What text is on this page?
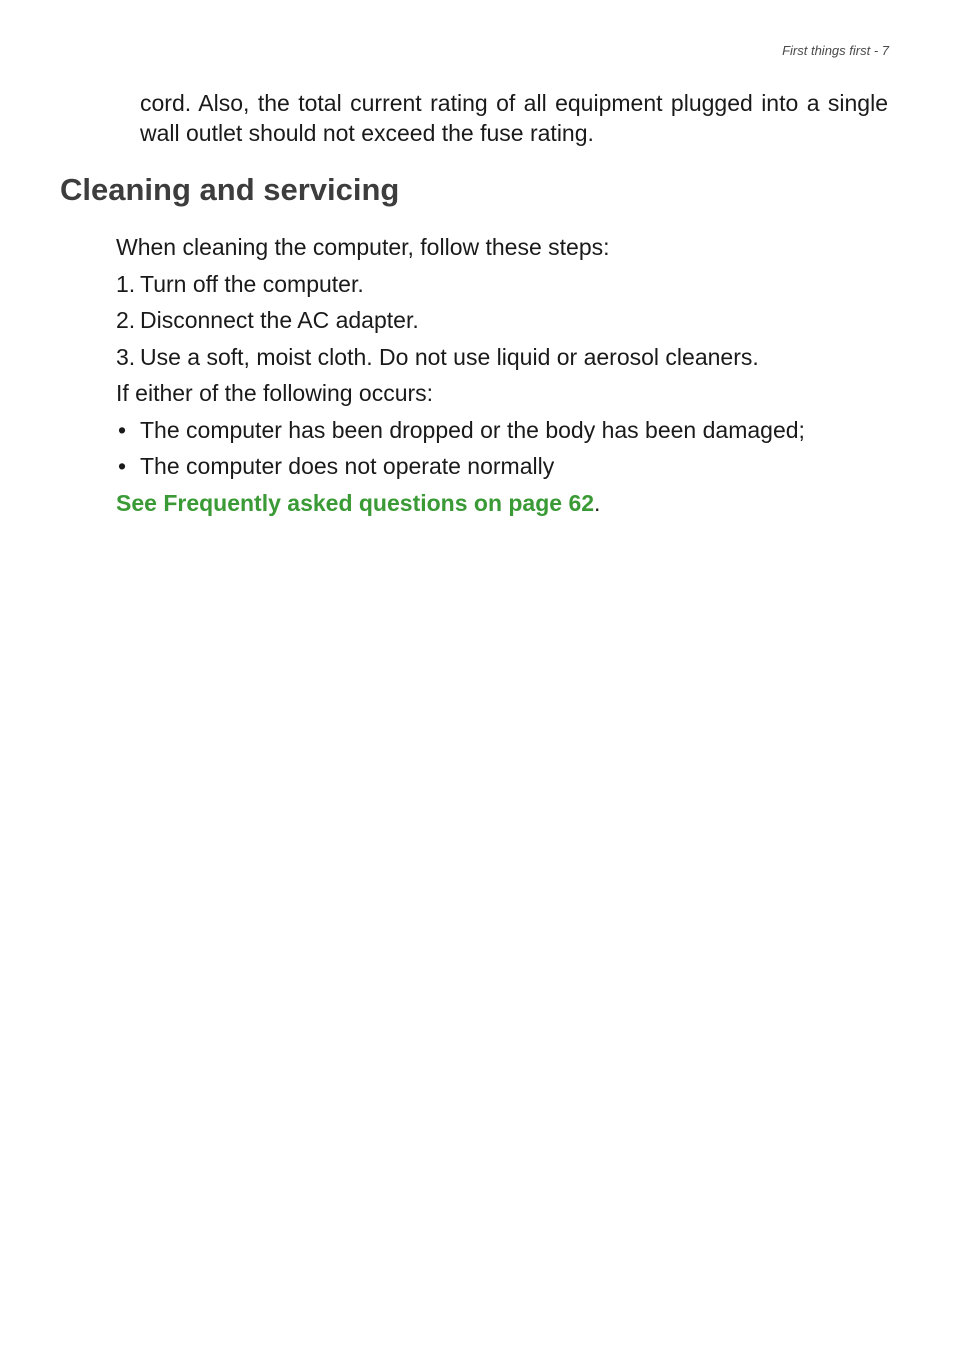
First things first - 7
cord. Also, the total current rating of all equipment plugged into a single wall outlet should not exceed the fuse rating.
Cleaning and servicing
When cleaning the computer, follow these steps:
1. Turn off the computer.
2. Disconnect the AC adapter.
3. Use a soft, moist cloth. Do not use liquid or aerosol cleaners.
If either of the following occurs:
• The computer has been dropped or the body has been damaged;
• The computer does not operate normally
See Frequently asked questions on page 62.
